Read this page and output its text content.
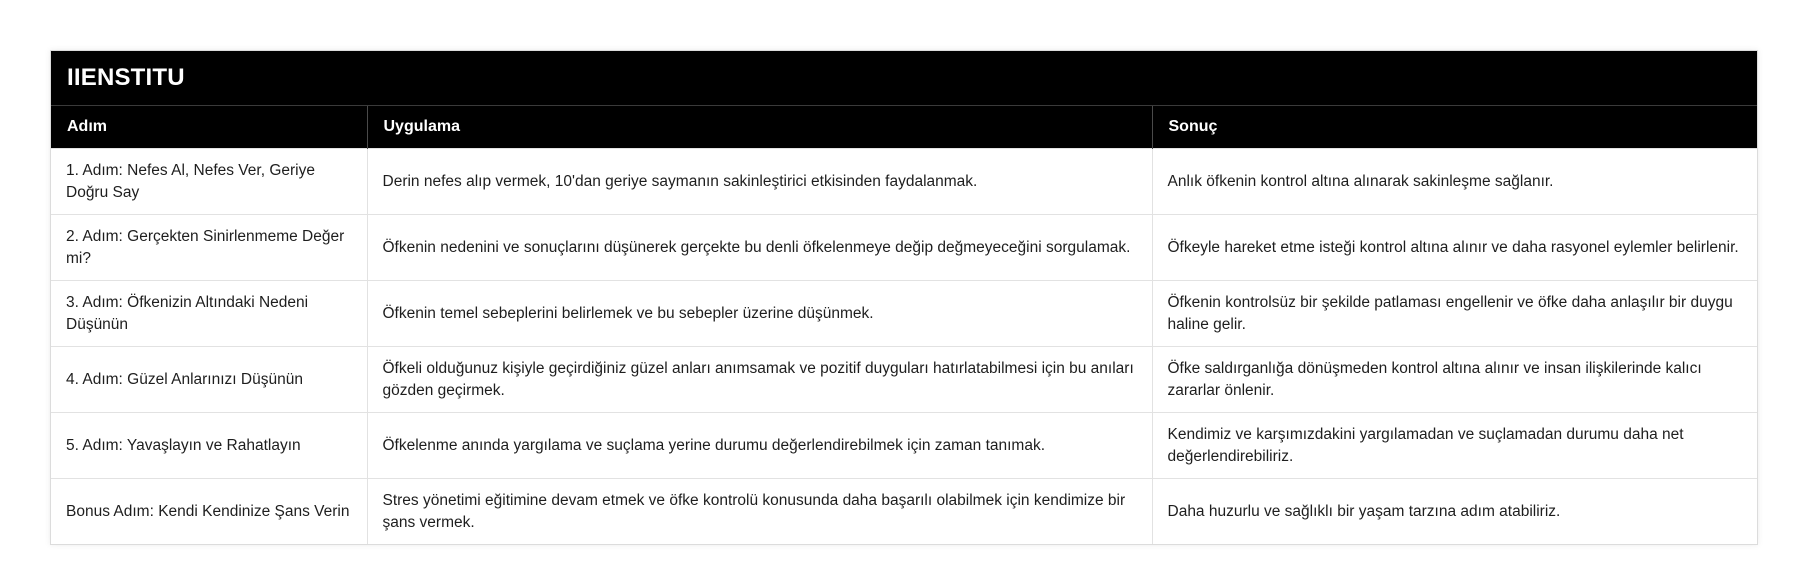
IIENSTITU
Adım	Uygulama	Sonuç
1. Adım: Nefes Al, Nefes Ver, Geriye Doğru Say	Derin nefes alıp vermek, 10'dan geriye saymanın sakinleştirici etkisinden faydalanmak.	Anlık öfkenin kontrol altına alınarak sakinleşme sağlanır.
2. Adım: Gerçekten Sinirlenmeme Değer mi?	Öfkenin nedenini ve sonuçlarını düşünerek gerçekte bu denli öfkelenmeye değip değmeyeceğini sorgulamak.	Öfkeyle hareket etme isteği kontrol altına alınır ve daha rasyonel eylemler belirlenir.
3. Adım: Öfkenizin Altındaki Nedeni Düşünün	Öfkenin temel sebeplerini belirlemek ve bu sebepler üzerine düşünmek.	Öfkenin kontrolsüz bir şekilde patlaması engellenir ve öfke daha anlaşılır bir duygu haline gelir.
4. Adım: Güzel Anlarınızı Düşünün	Öfkeli olduğunuz kişiyle geçirdiğiniz güzel anları anımsamak ve pozitif duyguları hatırlatabilmesi için bu anıları gözden geçirmek.	Öfke saldırganlığa dönüşmeden kontrol altına alınır ve insan ilişkilerinde kalıcı zararlar önlenir.
5. Adım: Yavaşlayın ve Rahatlayın	Öfkelenme anında yargılama ve suçlama yerine durumu değerlendirebilmek için zaman tanımak.	Kendimiz ve karşımızdakini yargılamadan ve suçlamadan durumu daha net değerlendirebiliriz.
Bonus Adım: Kendi Kendinize Şans Verin	Stres yönetimi eğitimine devam etmek ve öfke kontrolü konusunda daha başarılı olabilmek için kendimize bir şans vermek.	Daha huzurlu ve sağlıklı bir yaşam tarzına adım atabiliriz.
